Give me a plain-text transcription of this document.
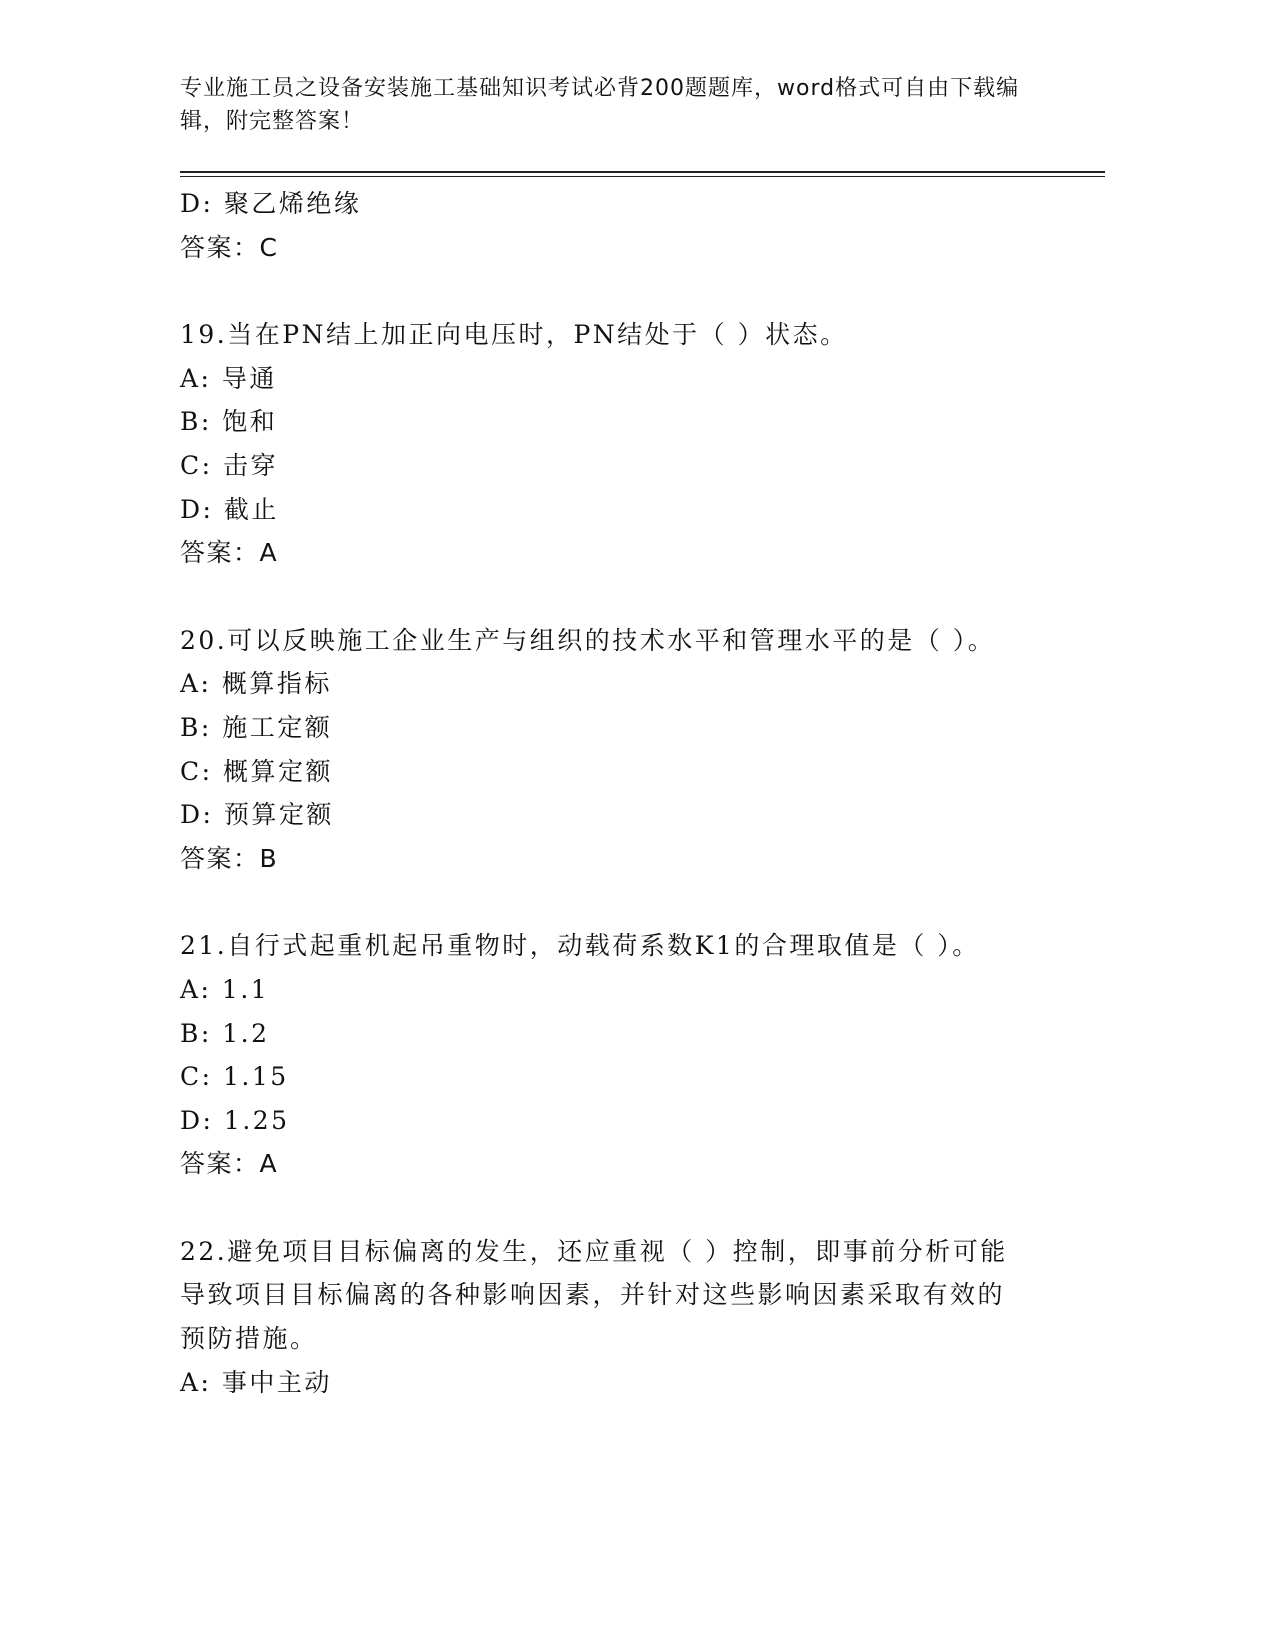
专业施工员之设备安装施工基础知识考试必背200题题库，word格式可自由下载编辑，附完整答案！
D: 聚乙烯绝缘
答案：C
19.当在PN结上加正向电压时，PN结处于（ ）状态。
A: 导通
B: 饱和
C: 击穿
D: 截止
答案：A
20.可以反映施工企业生产与组织的技术水平和管理水平的是（ ）。
A: 概算指标
B: 施工定额
C: 概算定额
D: 预算定额
答案：B
21.自行式起重机起吊重物时，动载荷系数K1的合理取值是（ ）。
A: 1.1
B: 1.2
C: 1.15
D: 1.25
答案：A
22.避免项目目标偏离的发生，还应重视（ ）控制，即事前分析可能导致项目目标偏离的各种影响因素，并针对这些影响因素采取有效的预防措施。
A: 事中主动
